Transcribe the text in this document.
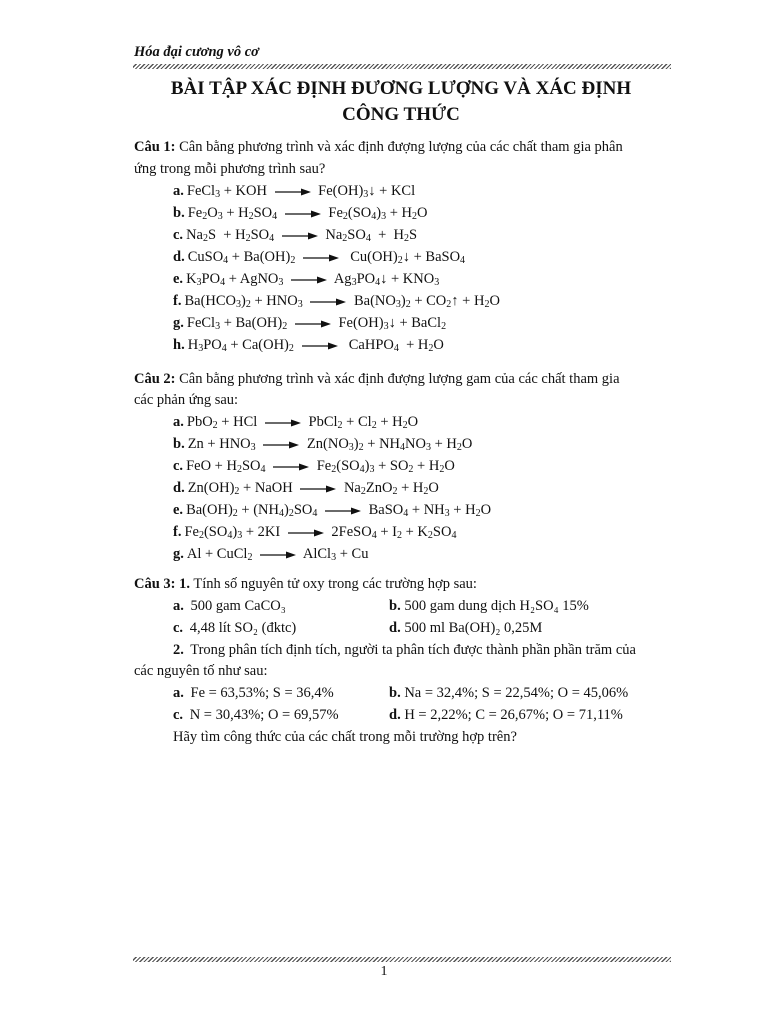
Hóa đại cương vô cơ
BÀI TẬP XÁC ĐỊNH ĐƯƠNG LƯỢNG VÀ XÁC ĐỊNH
CÔNG THỨC
Câu 1: Cân bằng phương trình và xác định đượng lượng của các chất tham gia phân
ứng trong mỗi phương trình sau?
a. FeCl$_3$ + KOH → $Fe(OH)_3↓$ + KCl
b. $Fe_2O_3 + H_2SO_4 \to Fe_2(SO_4)_3 + H_2O$
c. $Na_2S + H_2SO_4 \to Na_2SO_4 + H_2S$
d. CuSO$_4$ + $Ba(OH)_2$ → $Cu(OH)_2↓$ + BaSO$_4$
e. $K_3PO_4$ + AgNO$_3$ → $Ag_3PO_4↓ + KNO_3$
f. $Ba(HCO_3)_2 + HNO_3 \to Ba(NO_3)_2$ + $CO_2↑ + H_2O$
g. FeCl$_3$ + $Ba(OH)_2$ → $Fe(OH)_3↓$ + BaCl$_2$
h. $H_3PO_4 + Ca(OH)_2$ → CaHPO$_4$  + $H_2O$
Câu 2: Cân bằng phương trình và xác định đượng lượng gam của các chất tham gia
các phản ứng sau:
a. PbO$_2$ + HCl → PbCl$_2$ + $Cl_2 + H_2O$
b. $Zn + HNO_3 \to Zn(NO_3)_2 + NH_4NO_3 + H_2O$
c. FeO + $H_2SO_4 \to Fe_2(SO_4)_3 + SO_2 + H_2O$
d. $Zn(OH)_2$ + NaOH → $Na_2ZnO_2 + H_2O$
e. $Ba(OH)_2 + (NH_4)_2SO_4$ → BaSO$_4$ + $NH_3 + H_2O$
f. $Fe_2(SO_4)_3 + 2KI$ → 2FeSO$_4$ + $I_2 + K_2SO_4$
g. Al + CuCl$_2$ → AlCl$_3$ + Cu
Câu 3: 1. Tính số nguyên tử oxy trong các trường hợp sau:
a. 500 gam CaCO₃	b. 500 gam dung dịch H₂SO₄ 15%
c. 4,48 lít SO₂ (đktc)	d. 500 ml Ba(OH)₂ 0,25M
2. Trong phân tích định tích, người ta phân tích được thành phần phần trăm của
các nguyên tố như sau:
a. Fe = 63,53%; S = 36,4%	b. Na = 32,4%; S = 22,54%; O = 45,06%
c. N = 30,43%; O = 69,57%	d. H = 2,22%; C = 26,67%; O = 71,11%
Hãy tìm công thức của các chất trong mỗi trường hợp trên?
1
